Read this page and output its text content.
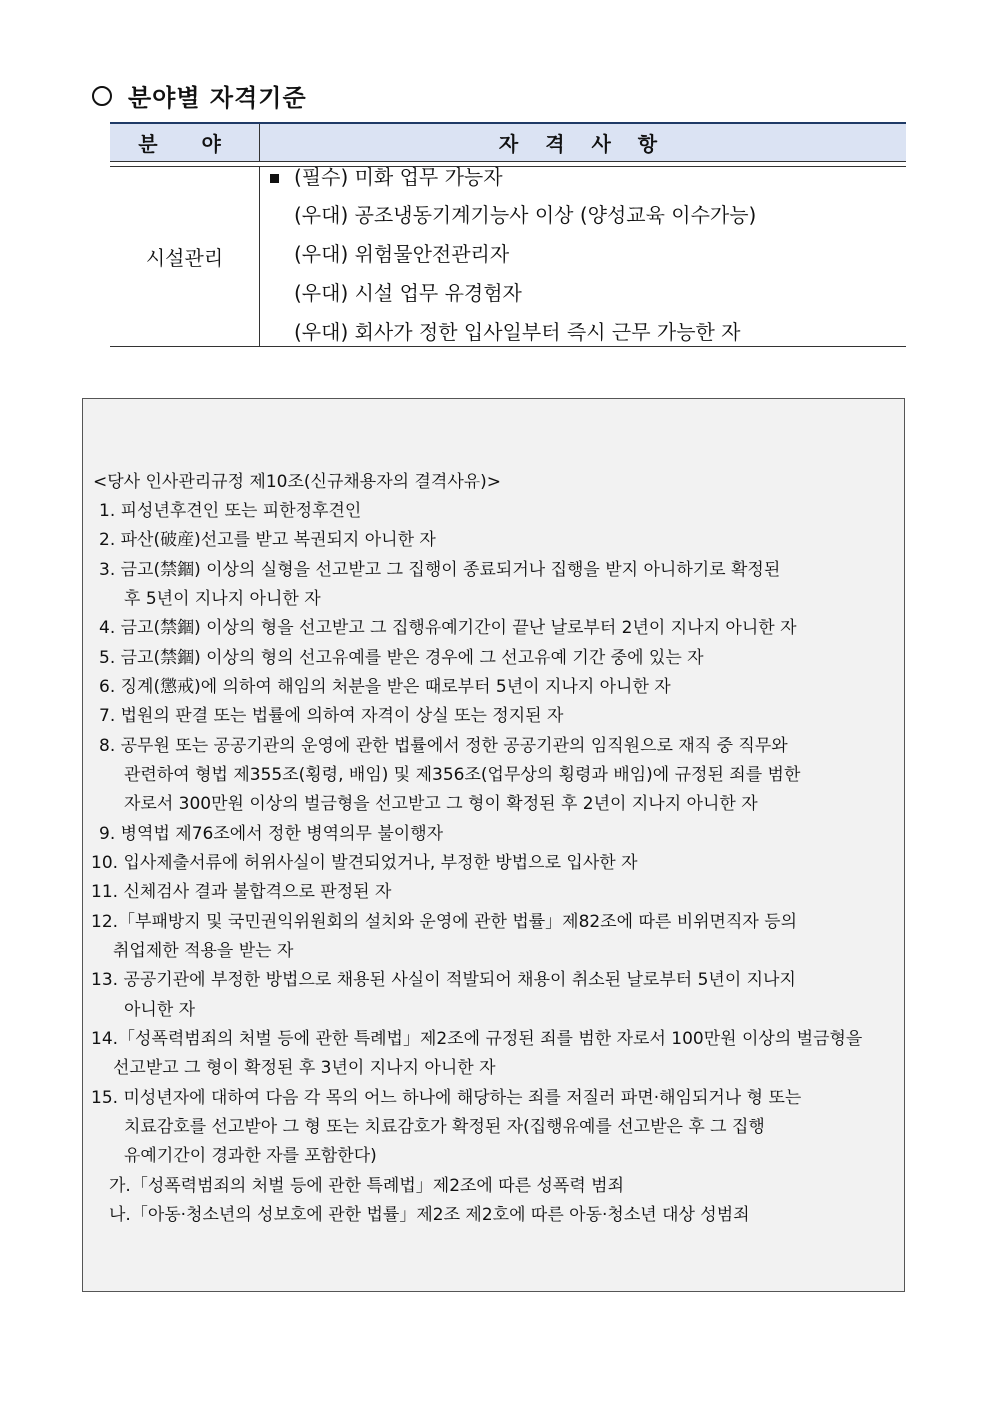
분야별 자격기준
분  야	자 격 사 항
시설관리
(필수) 미화 업무 가능자
(우대) 공조냉동기계기능사 이상 (양성교육 이수가능)
(우대) 위험물안전관리자
(우대) 시설 업무 유경험자
(우대) 회사가 정한 입사일부터 즉시 근무 가능한 자
<당사 인사관리규정 제10조(신규채용자의 결격사유)>
1. 피성년후견인 또는 피한정후견인
2. 파산(破産)선고를 받고 복권되지 아니한 자
3. 금고(禁錮) 이상의 실형을 선고받고 그 집행이 종료되거나 집행을 받지 아니하기로 확정된
후 5년이 지나지 아니한 자
4. 금고(禁錮) 이상의 형을 선고받고 그 집행유예기간이 끝난 날로부터 2년이 지나지 아니한 자
5. 금고(禁錮) 이상의 형의 선고유예를 받은 경우에 그 선고유예 기간 중에 있는 자
6. 징계(懲戒)에 의하여 해임의 처분을 받은 때로부터 5년이 지나지 아니한 자
7. 법원의 판결 또는 법률에 의하여 자격이 상실 또는 정지된 자
8. 공무원 또는 공공기관의 운영에 관한 법률에서 정한 공공기관의 임직원으로 재직 중 직무와
관련하여 형법 제355조(횡령, 배임) 및 제356조(업무상의 횡령과 배임)에 규정된 죄를 범한
자로서 300만원 이상의 벌금형을 선고받고 그 형이 확정된 후 2년이 지나지 아니한 자
9. 병역법 제76조에서 정한 병역의무 불이행자
10. 입사제출서류에 허위사실이 발견되었거나, 부정한 방법으로 입사한 자
11. 신체검사 결과 불합격으로 판정된 자
12.「부패방지 및 국민권익위원회의 설치와 운영에 관한 법률」제82조에 따른 비위면직자 등의
취업제한 적용을 받는 자
13. 공공기관에 부정한 방법으로 채용된 사실이 적발되어 채용이 취소된 날로부터 5년이 지나지
아니한 자
14.「성폭력범죄의 처벌 등에 관한 특례법」제2조에 규정된 죄를 범한 자로서 100만원 이상의 벌금형을
선고받고 그 형이 확정된 후 3년이 지나지 아니한 자
15. 미성년자에 대하여 다음 각 목의 어느 하나에 해당하는 죄를 저질러 파면·해임되거나 형 또는
치료감호를 선고받아 그 형 또는 치료감호가 확정된 자(집행유예를 선고받은 후 그 집행
유예기간이 경과한 자를 포함한다)
가.「성폭력범죄의 처벌 등에 관한 특례법」제2조에 따른 성폭력 범죄
나.「아동·청소년의 성보호에 관한 법률」제2조 제2호에 따른 아동·청소년 대상 성범죄
